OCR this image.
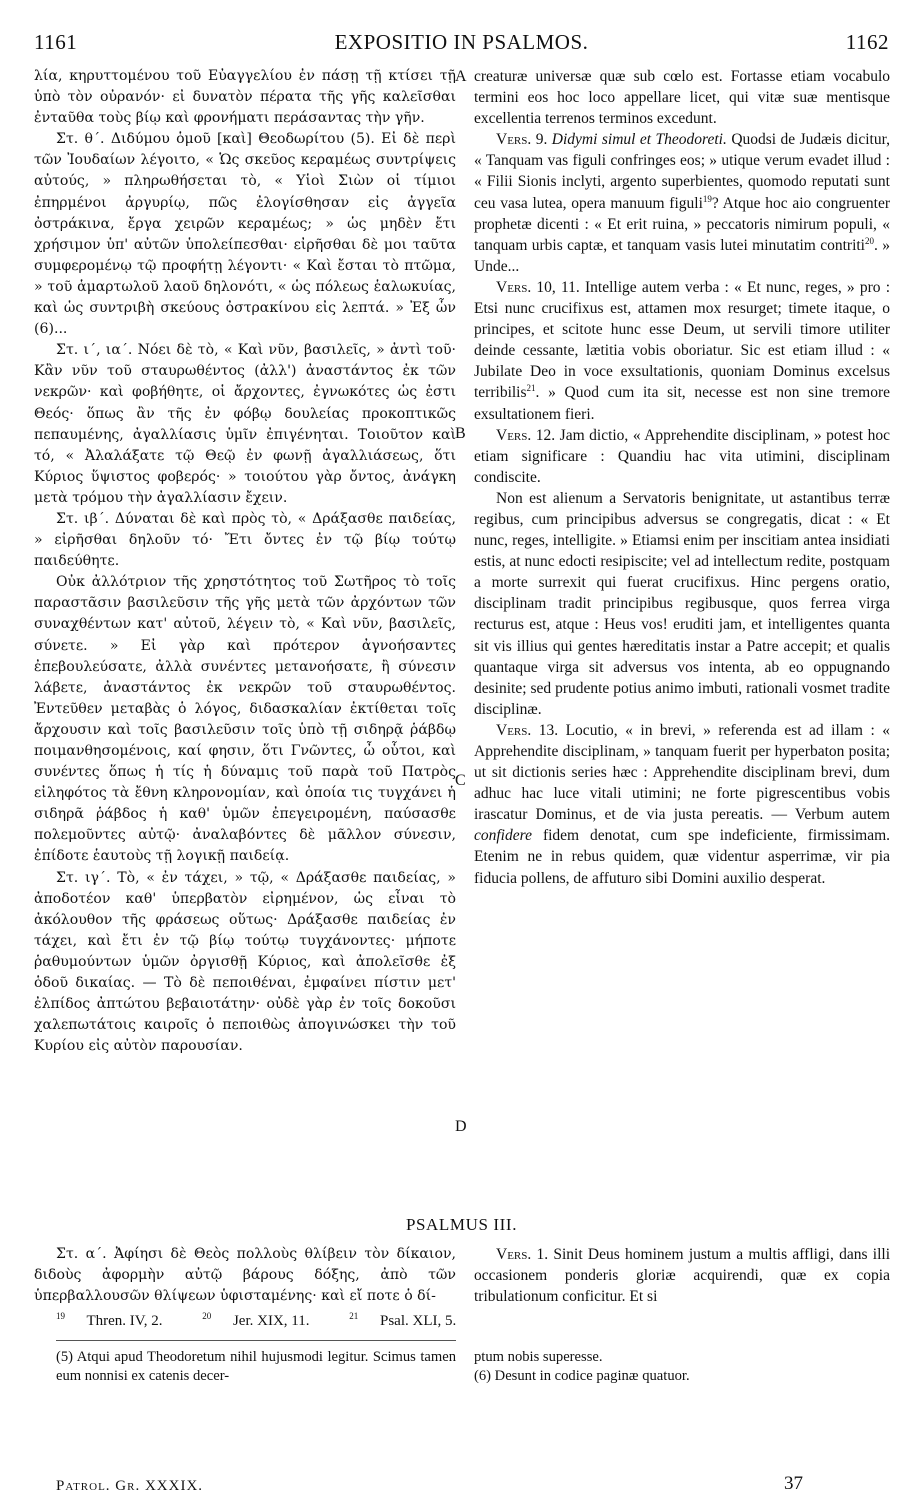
1161	EXPOSITIO IN PSALMOS.	1162

λία, κηρυττομένου τοῦ Εὐαγγελίου ἐν πάσῃ τῇ κτίσει τῇ ὑπὸ τὸν οὐρανόν· εἰ δυνατὸν πέρατα τῆς γῆς καλεῖσθαι ἐνταῦθα τοὺς βίῳ καὶ φρονήματι περάσαντας τὴν γῆν.

Στ. θ΄. Διδύμου ὁμοῦ [καὶ] Θεοδωρίτου (5). Εἰ δὲ περὶ τῶν Ἰουδαίων λέγοιτο, « Ὡς σκεῦος κεραμέως συντρίψεις αὐτούς, » πληρωθήσεται τὸ, « Υἱοὶ Σιὼν οἱ τίμιοι ἐπηρμένοι ἀργυρίῳ, πῶς ἐλογίσθησαν εἰς ἀγγεῖα ὀστράκινα, ἔργα χειρῶν κεραμέως; » ὡς μηδὲν ἔτι χρήσιμον ὑπ' αὐτῶν ὑπολείπεσθαι· εἰρῆσθαι δὲ μοι ταῦτα συμφερομένῳ τῷ προφήτῃ λέγοντι· « Καὶ ἔσται τὸ πτῶμα, » τοῦ ἁμαρτωλοῦ λαοῦ δηλονότι, « ὡς πόλεως ἑαλωκυίας, καὶ ὡς συντριβὴ σκεύους ὀστρακίνου εἰς λεπτά. » Ἐξ ὧν (6)...

Στ. ι΄, ια΄. Νόει δὲ τὸ, « Καὶ νῦν, βασιλεῖς, » ἀντὶ τοῦ· Κἂν νῦν τοῦ σταυρωθέντος (ἀλλ') ἀναστάντος ἐκ τῶν νεκρῶν· καὶ φοβήθητε, οἱ ἄρχοντες, ἐγνωκότες ὡς ἐστι Θεός· ὅπως ἂν τῆς ἐν φόβῳ δουλείας προκοπτικῶς πεπαυμένης, ἀγαλλίασις ὑμῖν ἐπιγένηται. Τοιοῦτον καὶ τό, « Ἀλαλάξατε τῷ Θεῷ ἐν φωνῇ ἀγαλλιάσεως, ὅτι Κύριος ὕψιστος φοβερός· » τοιούτου γὰρ ὄντος, ἀνάγκη μετὰ τρόμου τὴν ἀγαλλίασιν ἔχειν.

Στ. ιβ΄. Δύναται δὲ καὶ πρὸς τὸ, « Δράξασθε παιδείας, » εἰρῆσθαι δηλοῦν τό· Ἔτι ὄντες ἐν τῷ βίῳ τούτῳ παιδεύθητε.

Οὐκ ἀλλότριον τῆς χρηστότητος τοῦ Σωτῆρος τὸ τοῖς παραστᾶσιν βασιλεῦσιν τῆς γῆς μετὰ τῶν ἀρχόντων τῶν συναχθέντων κατ' αὐτοῦ, λέγειν τὸ, « Καὶ νῦν, βασιλεῖς, σύνετε. » Εἰ γὰρ καὶ πρότερον ἀγνοήσαντες ἐπεβουλεύσατε, ἀλλὰ συνέντες μετανοήσατε, ἢ σύνεσιν λάβετε, ἀναστάντος ἐκ νεκρῶν τοῦ σταυρωθέντος. Ἐντεῦθεν μεταβὰς ὁ λόγος, διδασκαλίαν ἐκτίθεται τοῖς ἄρχουσιν καὶ τοῖς βασιλεῦσιν τοῖς ὑπὸ τῇ σιδηρᾷ ῥάβδῳ ποιμανθησομένοις, καί φησιν, ὅτι Γνῶντες, ὦ οὗτοι, καὶ συνέντες ὅπως ἡ τίς ἡ δύναμις τοῦ παρὰ τοῦ Πατρὸς εἰληφότος τὰ ἔθνη κληρονομίαν, καὶ ὁποία τις τυγχάνει ἡ σιδηρᾶ ῥάβδος ἡ καθ' ὑμῶν ἐπεγειρομένη, παύσασθε πολεμοῦντες αὐτῷ· ἀναλαβόντες δὲ μᾶλλον σύνεσιν, ἐπίδοτε ἑαυτοὺς τῇ λογικῇ παιδείᾳ.

Στ. ιγ΄. Τὸ, « ἐν τάχει, » τῷ, « Δράξασθε παιδείας, » ἀποδοτέον καθ' ὑπερβατὸν εἰρημένον, ὡς εἶναι τὸ ἀκόλουθον τῆς φράσεως οὕτως· Δράξασθε παιδείας ἐν τάχει, καὶ ἔτι ἐν τῷ βίῳ τούτῳ τυγχάνοντες· μήποτε ῥαθυμούντων ὑμῶν ὀργισθῇ Κύριος, καὶ ἀπολεῖσθε ἐξ ὁδοῦ δικαίας. — Τὸ δὲ πεποιθέναι, ἐμφαίνει πίστιν μετ' ἐλπίδος ἀπτώτου βεβαιοτάτην· οὐδὲ γὰρ ἐν τοῖς δοκοῦσι χαλεπωτάτοις καιροῖς ὁ πεποιθὼς ἀπογινώσκει τὴν τοῦ Κυρίου εἰς αὐτὸν παρουσίαν.

A
B
C
D

creaturæ universæ quæ sub cœlo est. Fortasse etiam vocabulo termini eos hoc loco appellare licet, qui vitæ suæ mentisque excellentia terrenos terminos excedunt.

Vers. 9. Didymi simul et Theodoreti. Quodsi de Judæis dicitur, « Tanquam vas figuli confringes eos; » utique verum evadet illud : « Filii Sionis inclyti, argento superbientes, quomodo reputati sunt ceu vasa lutea, opera manuum figuli$^{19}$? Atque hoc aio congruenter prophetæ dicenti : « Et erit ruina, » peccatoris nimirum populi, « tanquam urbis captæ, et tanquam vasis lutei minutatim contriti$^{20}$. » Unde...

Vers. 10, 11. Intellige autem verba : « Et nunc, reges, » pro : Etsi nunc crucifixus est, attamen mox resurget; timete itaque, o principes, et scitote hunc esse Deum, ut servili timore utiliter deinde cessante, lætitia vobis oboriatur. Sic est etiam illud : « Jubilate Deo in voce exsultationis, quoniam Dominus excelsus terribilis$^{21}$. » Quod cum ita sit, necesse est non sine tremore exsultationem fieri.

Vers. 12. Jam dictio, « Apprehendite disciplinam, » potest hoc etiam significare : Quandiu hac vita utimini, disciplinam condiscite.

Non est alienum a Servatoris benignitate, ut astantibus terræ regibus, cum principibus adversus se congregatis, dicat : « Et nunc, reges, intelligite. » Etiamsi enim per inscitiam antea insidiati estis, at nunc edocti resipiscite; vel ad intellectum redite, postquam a morte surrexit qui fuerat crucifixus. Hinc pergens oratio, disciplinam tradit principibus regibusque, quos ferrea virga recturus est, atque : Heus vos! eruditi jam, et intelligentes quanta sit vis illius qui gentes hæreditatis instar a Patre accepit; et qualis quantaque virga sit adversus vos intenta, ab eo oppugnando desinite; sed prudente potius animo imbuti, rationali vosmet tradite disciplinæ.

Vers. 13. Locutio, « in brevi, » referenda est ad illam : « Apprehendite disciplinam, » tanquam fuerit per hyperbaton posita; ut sit dictionis series hæc : Apprehendite disciplinam brevi, dum adhuc hac luce vitali utimini; ne forte pigrescentibus vobis irascatur Dominus, et de via justa pereatis. — Verbum autem confidere fidem denotat, cum spe indeficiente, firmissimam. Etenim ne in rebus quidem, quæ videntur asperrimæ, vir pia fiducia pollens, de affuturo sibi Domini auxilio desperat.

PSALMUS III.

Στ. α΄. Ἀφίησι δὲ Θεὸς πολλοὺς θλίβειν τὸν δίκαιον, διδοὺς ἀφορμὴν αὐτῷ βάρους δόξης, ἀπὸ τῶν ὑπερβαλλουσῶν θλίψεων ὑφισταμένης· καὶ εἴ ποτε ὁ δί-

Vers. 1. Sinit Deus hominem justum a multis affligi, dans illi occasionem ponderis gloriæ acquirendi, quæ ex copia tribulationum conficitur. Et si

$^{19}$ Thren. IV, 2.	$^{20}$ Jer. XIX, 11.	$^{21}$ Psal. XLI, 5.
(5) Atqui apud Theodoretum nihil hujusmodi legitur. Scimus tamen eum nonnisi ex catenis decer-
ptum nobis superesse.
(6) Desunt in codice paginæ quatuor.
Patrol. Gr. XXXIX.	37
